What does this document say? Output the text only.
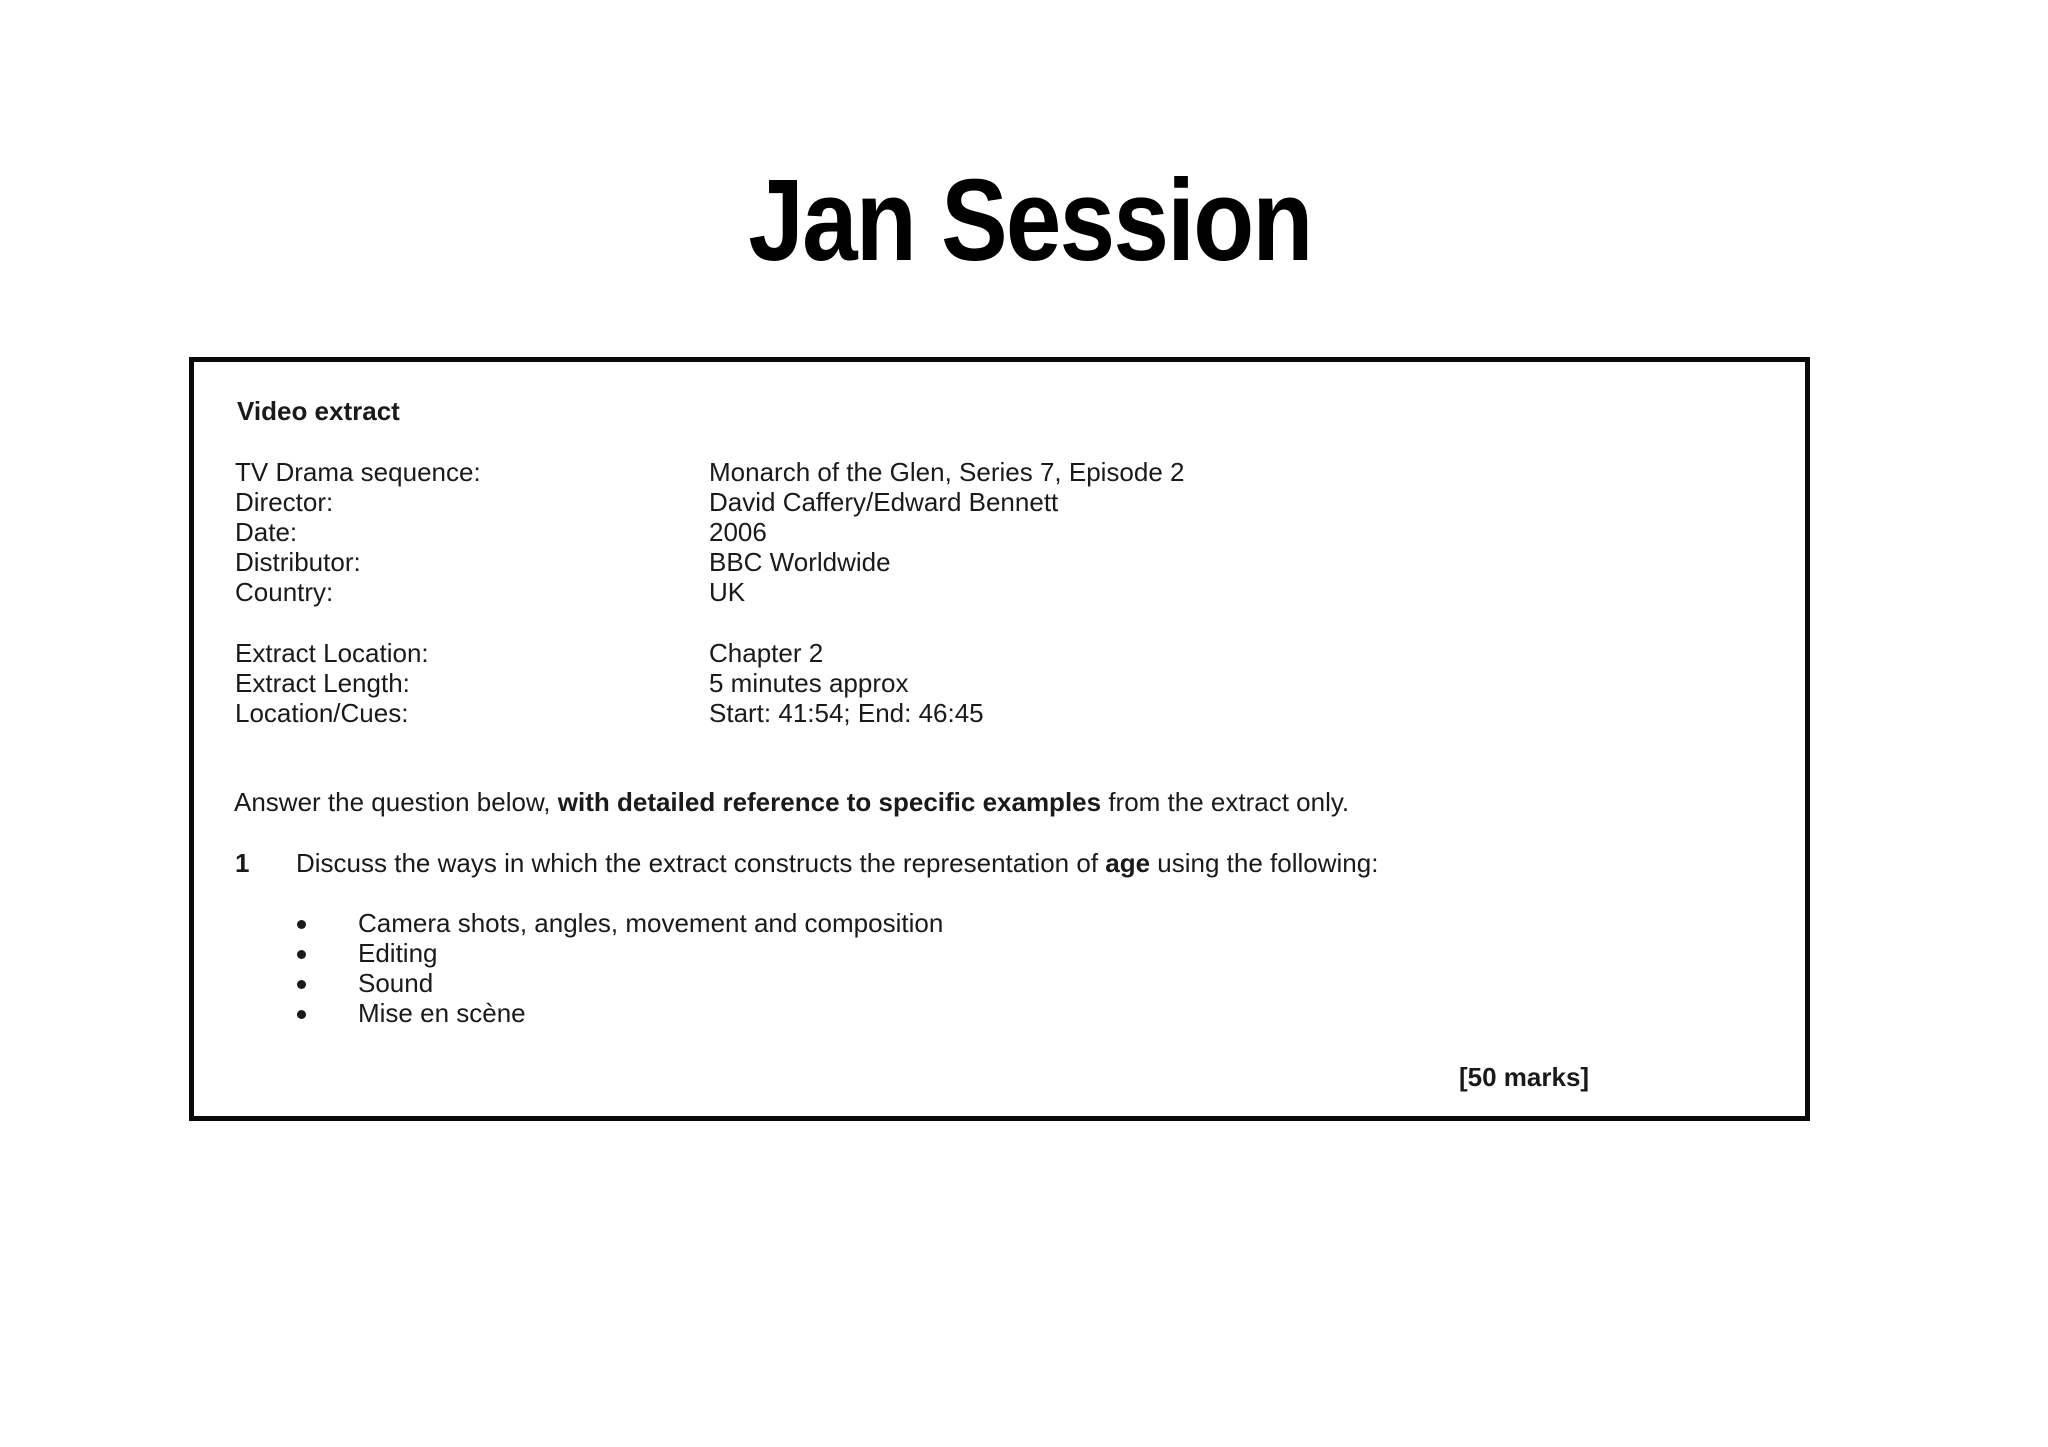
Jan Session
Video extract
TV Drama sequence:	Monarch of the Glen, Series 7, Episode 2
Director:	David Caffery/Edward Bennett
Date:	2006
Distributor:	BBC Worldwide
Country:	UK
Extract Location:	Chapter 2
Extract Length:	5 minutes approx
Location/Cues:	Start: 41:54; End: 46:45
Answer the question below, with detailed reference to specific examples from the extract only.
1 Discuss the ways in which the extract constructs the representation of age using the following:
Camera shots, angles, movement and composition
Editing
Sound
Mise en scène
[50 marks]
